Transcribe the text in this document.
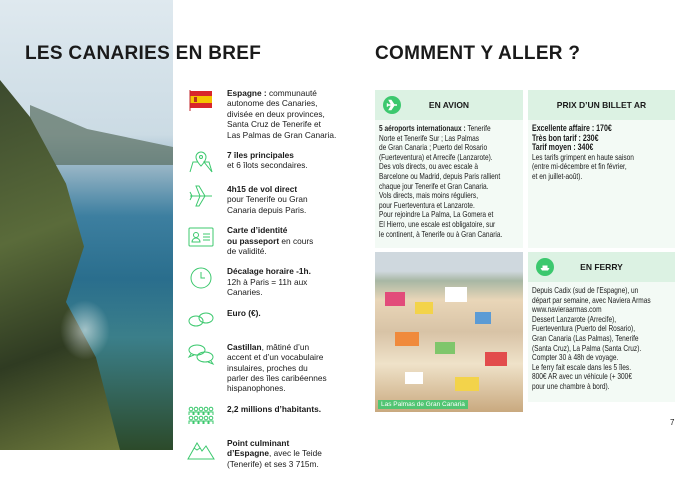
LES CANARIES EN BREF
Espagne : communauté
autonome des Canaries,
divisée en deux provinces,
Santa Cruz de Tenerife et
Las Palmas de Gran Canaria.
7 îles principales
et 6 îlots secondaires.
4h15 de vol direct
pour Tenerife ou Gran
Canaria depuis Paris.
Carte d’identité
ou passeport en cours
de validité.
Décalage horaire -1h.
12h à Paris = 11h aux
Canaries.
Euro (€).
Castillan, mâtiné d’un
accent et d’un vocabulaire
insulaires, proches du
parler des îles caribéennes
hispanophones.
2,2 millions d’habitants.
Point culminant
d’Espagne, avec le Teide
(Tenerife) et ses 3 715m.
COMMENT Y ALLER ?
EN AVION
5 aéroports internationaux : Tenerife
Norte et Tenerife Sur ; Las Palmas
de Gran Canaria ; Puerto del Rosario
(Fuerteventura) et Arrecife (Lanzarote).
Des vols directs, ou avec escale à
Barcelone ou Madrid, depuis Paris rallient
chaque jour Tenerife et Gran Canaria.
Vols directs, mais moins réguliers,
pour Fuerteventura et Lanzarote.
Pour rejoindre La Palma, La Gomera et
El Hierro, une escale est obligatoire, sur
le continent, à Tenerife ou à Gran Canaria.
PRIX D’UN BILLET AR
Excellente affaire : 170€
Très bon tarif : 230€
Tarif moyen : 340€
Les tarifs grimpent en haute saison
(entre mi-décembre et fin février,
et en juillet-août).
Las Palmas de Gran Canaria
EN FERRY
Depuis Cadix (sud de l’Espagne), un
départ par semaine, avec Naviera Armas
www.navieraarmas.com
Dessert Lanzarote (Arrecife),
Fuerteventura (Puerto del Rosario),
Gran Canaria (Las Palmas), Tenerife
(Santa Cruz), La Palma (Santa Cruz).
Compter 30 à 48h de voyage.
Le ferry fait escale dans les 5 îles.
800€ AR avec un véhicule (+ 300€
pour une chambre à bord).
7
